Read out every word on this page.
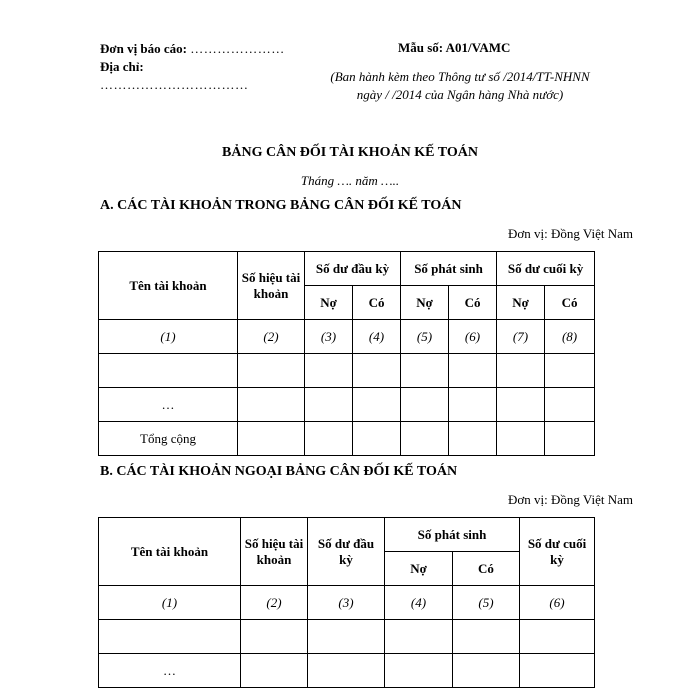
Đơn vị báo cáo: …………………
Địa chỉ:
……………………………
Mẫu số: A01/VAMC
(Ban hành kèm theo Thông tư số /2014/TT-NHNN
ngày / /2014 của Ngân hàng Nhà nước)
BẢNG CÂN ĐỐI TÀI KHOẢN KẾ TOÁN
Tháng …. năm …..
A. CÁC TÀI KHOẢN TRONG BẢNG CÂN ĐỐI KẾ TOÁN
Đơn vị: Đồng Việt Nam
Tên tài khoản	Số hiệu tài khoản	Số dư đầu kỳ		Số phát sinh		Số dư cuối kỳ	
		Nợ	Có	Nợ	Có	Nợ	Có
(1)	(2)	(3)	(4)	(5)	(6)	(7)	(8)

…							
Tổng cộng							
B. CÁC TÀI KHOẢN NGOẠI BẢNG CÂN ĐỐI KẾ TOÁN
Đơn vị: Đồng Việt Nam
Tên tài khoản	Số hiệu tài khoản	Số dư đầu kỳ	Số phát sinh		Số dư cuối kỳ
			Nợ	Có	
(1)	(2)	(3)	(4)	(5)	(6)

…					
